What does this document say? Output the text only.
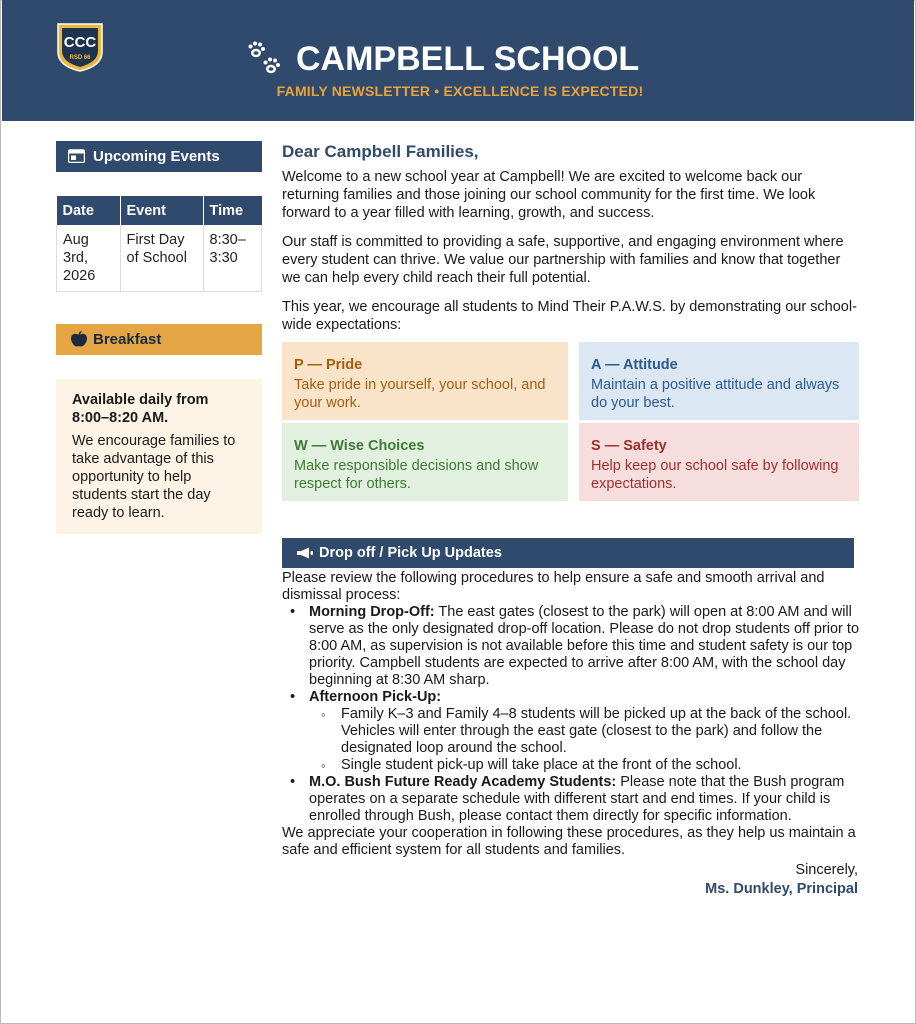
CCC
RSD 66	CAMPBELL SCHOOL
FAMILY NEWSLETTER • EXCELLENCE IS EXPECTED!
Upcoming Events
Date	Event	Time
Aug 3rd, 2026	First Day of School	8:30–3:30
Breakfast
Available daily from 8:00–8:20 AM.
We encourage families to take advantage of this opportunity to help students start the day ready to learn.
Dear Campbell Families,
Welcome to a new school year at Campbell! We are excited to welcome back our returning families and those joining our school community for the first time. We look forward to a year filled with learning, growth, and success.
Our staff is committed to providing a safe, supportive, and engaging environment where every student can thrive. We value our partnership with families and know that together we can help every child reach their full potential.
This year, we encourage all students to Mind Their P.A.W.S. by demonstrating our school-wide expectations:
P — Pride
Take pride in yourself, your school, and your work.
A — Attitude
Maintain a positive attitude and always do your best.
W — Wise Choices
Make responsible decisions and show respect for others.
S — Safety
Help keep our school safe by following expectations.
Drop off / Pick Up Updates
Please review the following procedures to help ensure a safe and smooth arrival and dismissal process:
• Morning Drop-Off: The east gates (closest to the park) will open at 8:00 AM and will serve as the only designated drop-off location. Please do not drop students off prior to 8:00 AM, as supervision is not available before this time and student safety is our top priority. Campbell students are expected to arrive after 8:00 AM, with the school day beginning at 8:30 AM sharp.
• Afternoon Pick-Up:
◦ Family K–3 and Family 4–8 students will be picked up at the back of the school. Vehicles will enter through the east gate (closest to the park) and follow the designated loop around the school.
◦ Single student pick-up will take place at the front of the school.
• M.O. Bush Future Ready Academy Students: Please note that the Bush program operates on a separate schedule with different start and end times. If your child is enrolled through Bush, please contact them directly for specific information.
We appreciate your cooperation in following these procedures, as they help us maintain a safe and efficient system for all students and families.
Sincerely,
Ms. Dunkley, Principal
